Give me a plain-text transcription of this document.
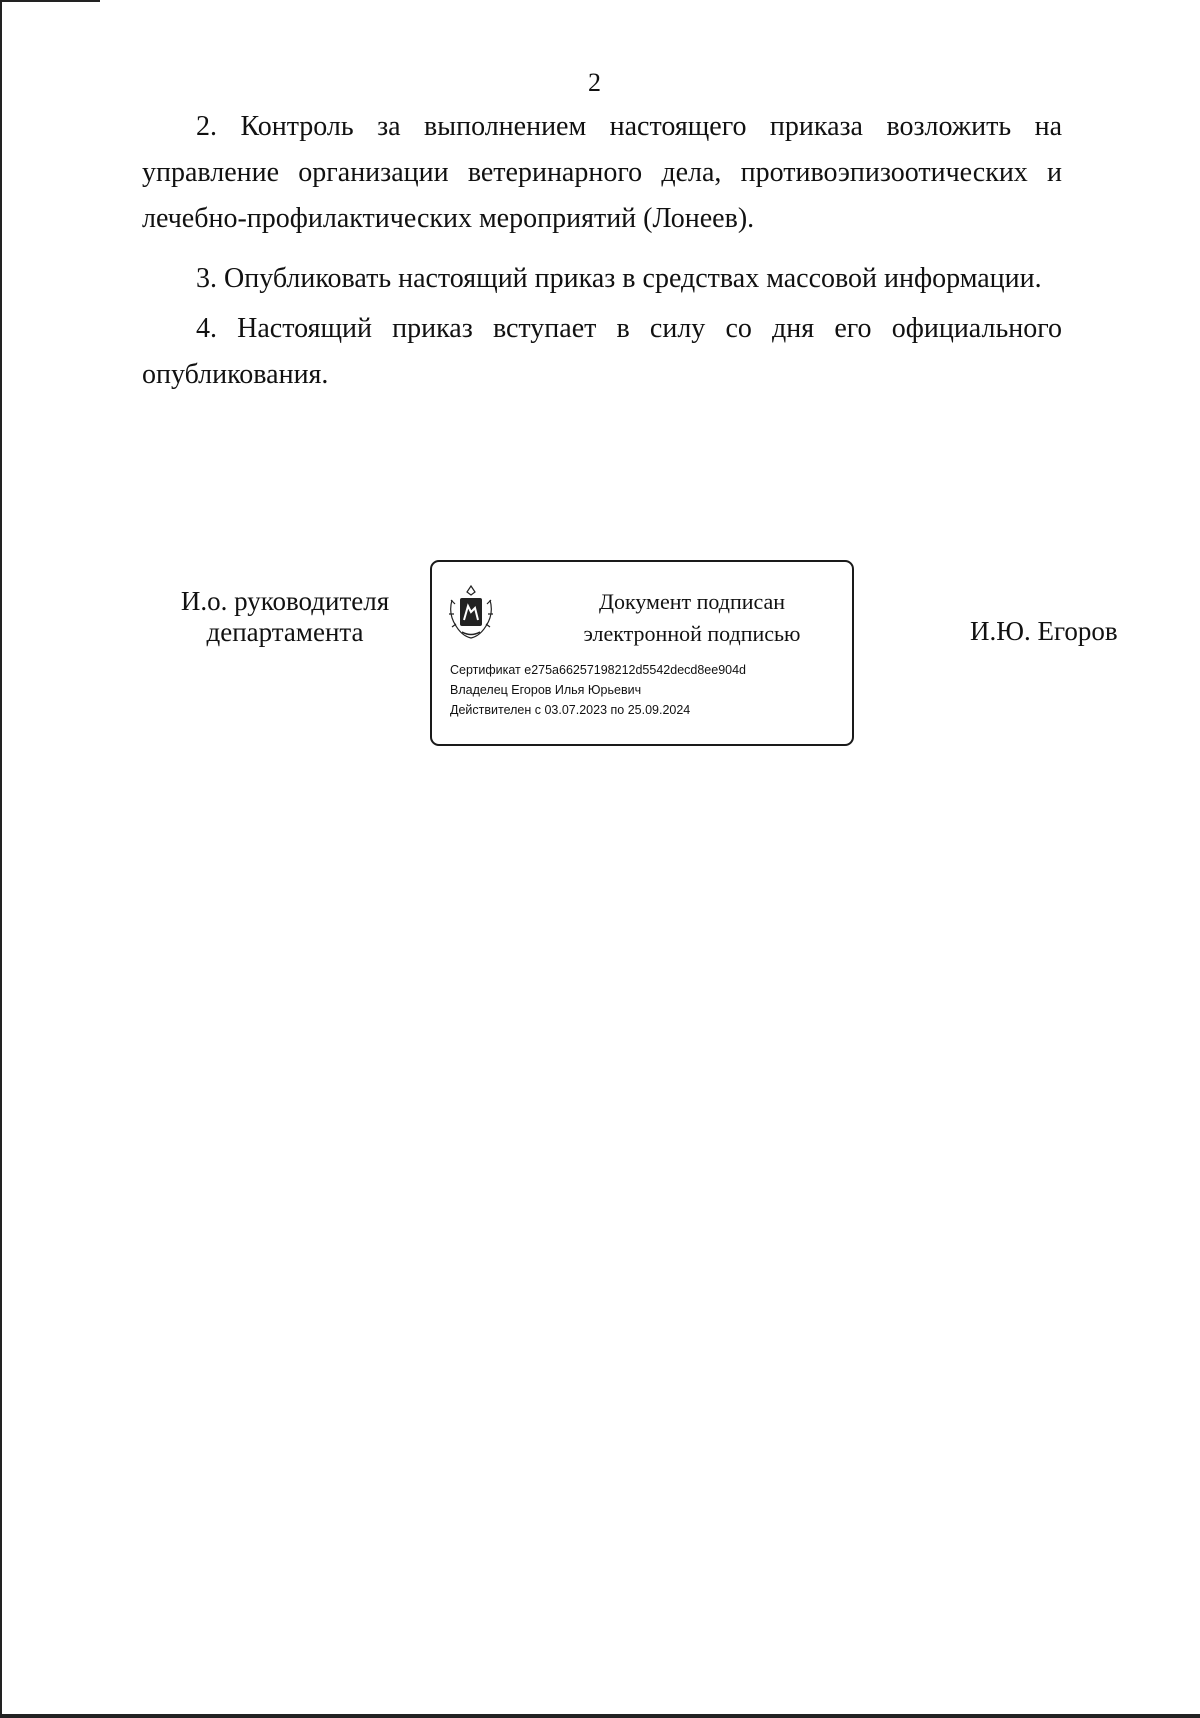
2

2. Контроль за выполнением настоящего приказа возложить на управление организации ветеринарного дела, противоэпизоотических и лечебно-профилактических мероприятий (Лонеев).

3. Опубликовать настоящий приказ в средствах массовой информации.

4. Настоящий приказ вступает в силу со дня его официального опубликования.

И.о. руководителя
департамента
Документ подписан
электронной подписью
Сертификат e275a66257198212d5542decd8ee904d
Владелец Егоров Илья Юрьевич
Действителен с 03.07.2023 по 25.09.2024
И.Ю. Егоров
